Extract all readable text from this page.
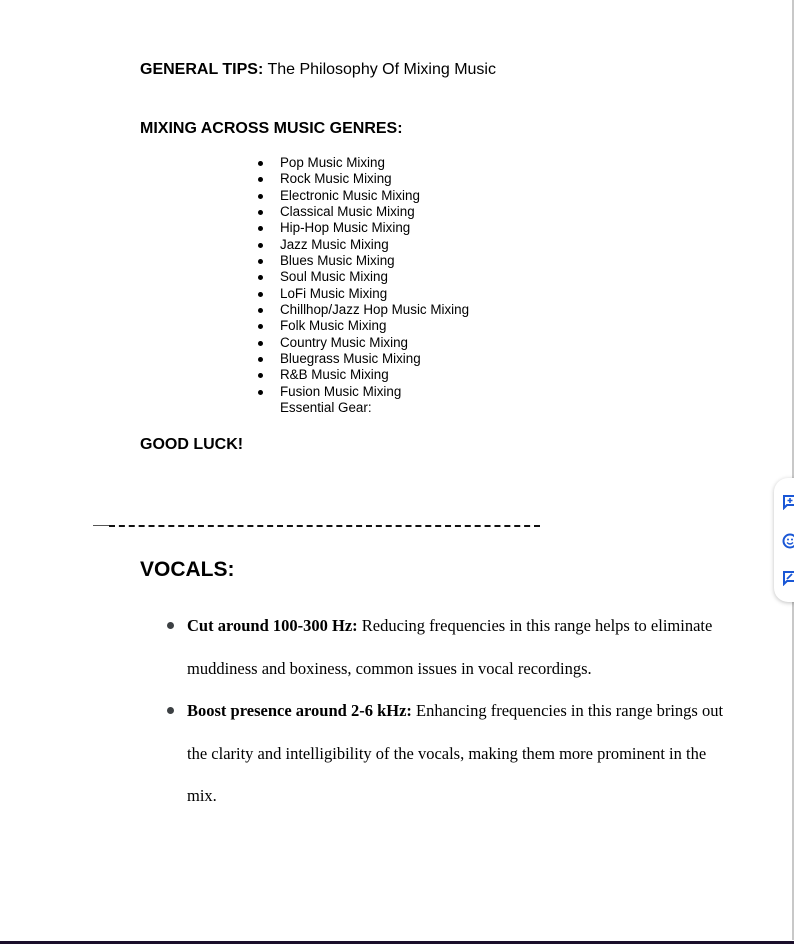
GENERAL TIPS: The Philosophy Of Mixing Music
MIXING ACROSS MUSIC GENRES:
Pop Music Mixing
Rock Music Mixing
Electronic Music Mixing
Classical Music Mixing
Hip-Hop Music Mixing
Jazz Music Mixing
Blues Music Mixing
Soul Music Mixing
LoFi Music Mixing
Chillhop/Jazz Hop Music Mixing
Folk Music Mixing
Country Music Mixing
Bluegrass Music Mixing
R&B Music Mixing
Fusion Music Mixing
Essential Gear:
GOOD LUCK!
VOCALS:
Cut around 100-300 Hz: Reducing frequencies in this range helps to eliminate muddiness and boxiness, common issues in vocal recordings.
Boost presence around 2-6 kHz: Enhancing frequencies in this range brings out the clarity and intelligibility of the vocals, making them more prominent in the mix.
